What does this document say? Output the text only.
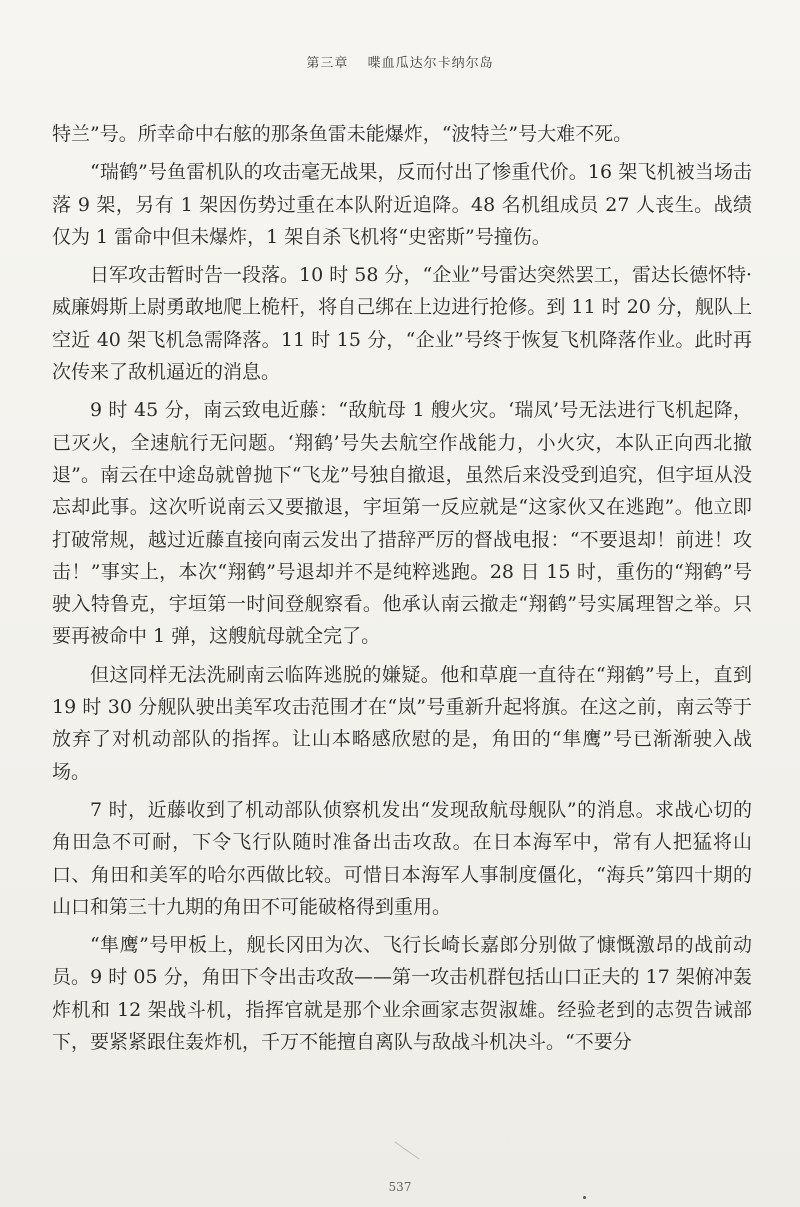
第三章 喋血瓜达尔卡纳尔岛

特兰”号。所幸命中右舷的那条鱼雷未能爆炸，“波特兰”号大难不死。

“瑞鹤”号鱼雷机队的攻击毫无战果，反而付出了惨重代价。16 架飞机被当场击落 9 架，另有 1 架因伤势过重在本队附近追降。48 名机组成员 27 人丧生。战绩仅为 1 雷命中但未爆炸，1 架自杀飞机将“史密斯”号撞伤。

日军攻击暂时告一段落。10 时 58 分，“企业”号雷达突然罢工，雷达长德怀特·威廉姆斯上尉勇敢地爬上桅杆，将自己绑在上边进行抢修。到 11 时 20 分，舰队上空近 40 架飞机急需降落。11 时 15 分，“企业”号终于恢复飞机降落作业。此时再次传来了敌机逼近的消息。

9 时 45 分，南云致电近藤：“敌航母 1 艘火灾。‘瑞凤’号无法进行飞机起降，已灭火，全速航行无问题。‘翔鹤’号失去航空作战能力，小火灾，本队正向西北撤退”。南云在中途岛就曾抛下“飞龙”号独自撤退，虽然后来没受到追究，但宇垣从没忘却此事。这次听说南云又要撤退，宇垣第一反应就是“这家伙又在逃跑”。他立即打破常规，越过近藤直接向南云发出了措辞严厉的督战电报：“不要退却！前进！攻击！”事实上，本次“翔鹤”号退却并不是纯粹逃跑。28 日 15 时，重伤的“翔鹤”号驶入特鲁克，宇垣第一时间登舰察看。他承认南云撤走“翔鹤”号实属理智之举。只要再被命中 1 弹，这艘航母就全完了。

但这同样无法洗刷南云临阵逃脱的嫌疑。他和草鹿一直待在“翔鹤”号上，直到 19 时 30 分舰队驶出美军攻击范围才在“岚”号重新升起将旗。在这之前，南云等于放弃了对机动部队的指挥。让山本略感欣慰的是，角田的“隼鹰”号已渐渐驶入战场。

7 时，近藤收到了机动部队侦察机发出“发现敌航母舰队”的消息。求战心切的角田急不可耐，下令飞行队随时准备出击攻敌。在日本海军中，常有人把猛将山口、角田和美军的哈尔西做比较。可惜日本海军人事制度僵化，“海兵”第四十期的山口和第三十九期的角田不可能破格得到重用。

“隼鹰”号甲板上，舰长冈田为次、飞行长崎长嘉郎分别做了慷慨激昂的战前动员。9 时 05 分，角田下令出击攻敌——第一攻击机群包括山口正夫的 17 架俯冲轰炸机和 12 架战斗机，指挥官就是那个业余画家志贺淑雄。经验老到的志贺告诫部下，要紧紧跟住轰炸机，千万不能擅自离队与敌战斗机决斗。“不要分

537
